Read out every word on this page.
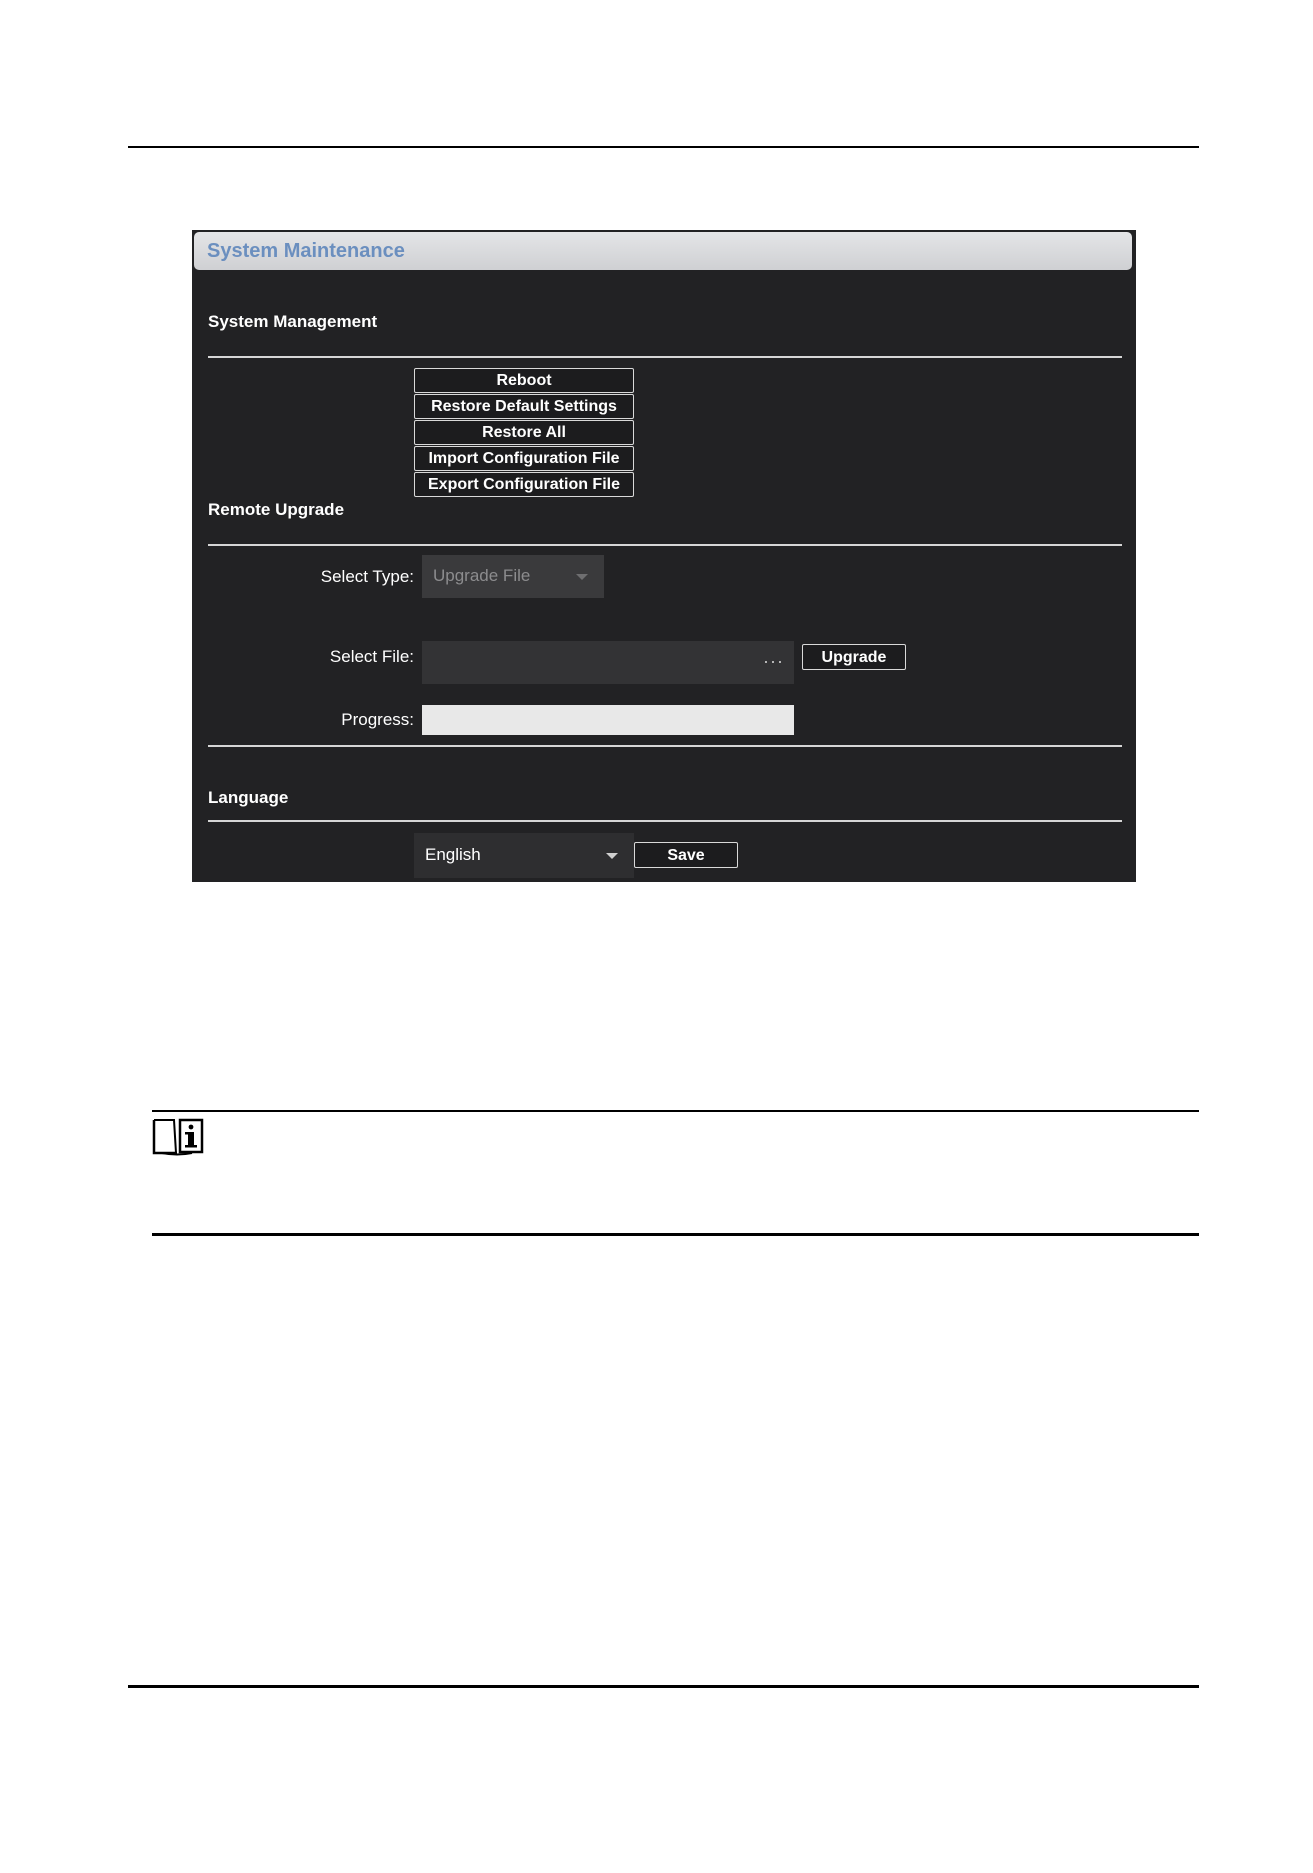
System Maintenance
System Management
Reboot
Restore Default Settings
Restore All
Import Configuration File
Export Configuration File
Remote Upgrade
Select Type: Upgrade File
Select File:	···	Upgrade
Progress:
Language
English	Save
